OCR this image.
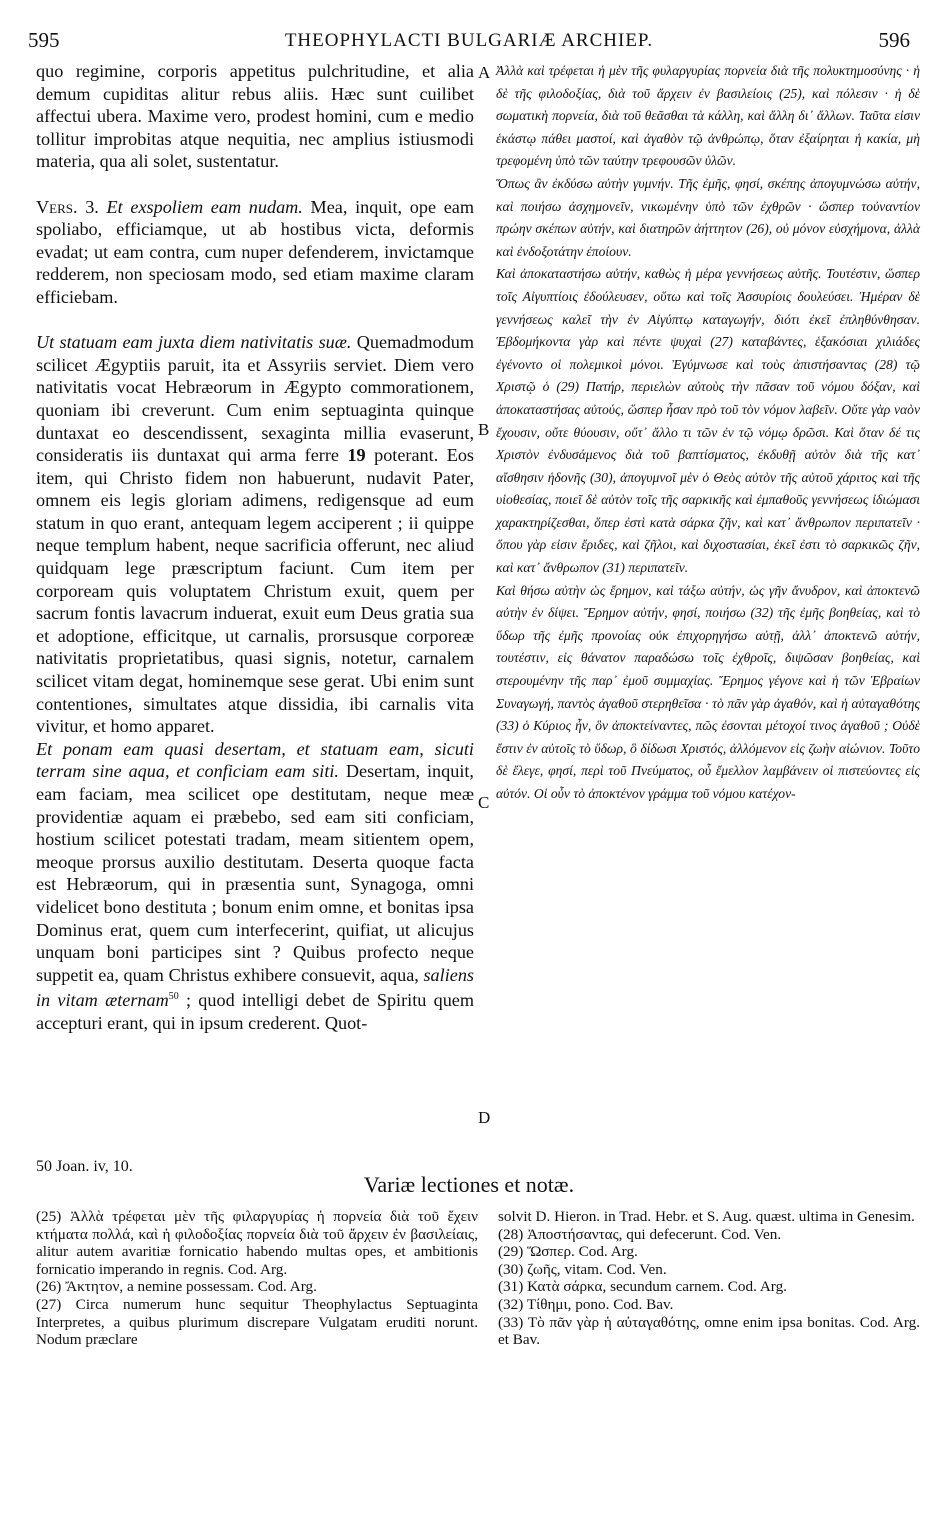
595	THEOPHYLACTI BULGARIÆ ARCHIEP.	596
A
B
C
D

quo regimine, corporis appetitus pulchritudine, et alia demum cupiditas alitur rebus aliis. Hæc sunt cuilibet affectui ubera. Maxime vero, prodest homini, cum e medio tollitur improbitas atque nequitia, nec amplius istiusmodi materia, qua ali solet, sustentatur.

Vers. 3. Et exspoliem eam nudam. Mea, inquit, ope eam spoliabo, efficiamque, ut ab hostibus victa, deformis evadat; ut eam contra, cum nuper defenderem, invictamque redderem, non speciosam modo, sed etiam maxime claram efficiebam.

Ut statuam eam juxta diem nativitatis suæ. Quemadmodum scilicet Ægyptiis paruit, ita et Assyriis serviet. Diem vero nativitatis vocat Hebræorum in Ægypto commorationem, quoniam ibi creverunt. Cum enim septuaginta quinque duntaxat eo descendissent, sexaginta millia evaserunt, consideratis iis duntaxat qui arma ferre 19 poterant. Eos item, qui Christo fidem non habuerunt, nudavit Pater, omnem eis legis gloriam adimens, redigensque ad eum statum in quo erant, antequam legem acciperent ; ii quippe neque templum habent, neque sacrificia offerunt, nec aliud quidquam lege præscriptum faciunt. Cum item per corpoream quis voluptatem Christum exuit, quem per sacrum fontis lavacrum induerat, exuit eum Deus gratia sua et adoptione, efficitque, ut carnalis, prorsusque corporeæ nativitatis proprietatibus, quasi signis, notetur, carnalem scilicet vitam degat, hominemque sese gerat. Ubi enim sunt contentiones, simultates atque dissidia, ibi carnalis vita vivitur, et homo apparet.

Et ponam eam quasi desertam, et statuam eam, sicuti terram sine aqua, et conficiam eam siti. Desertam, inquit, eam faciam, mea scilicet ope destitutam, neque meæ providentiæ aquam ei præbebo, sed eam siti conficiam, hostium scilicet potestati tradam, meam sitientem opem, meoque prorsus auxilio destitutam. Deserta quoque facta est Hebræorum, qui in præsentia sunt, Synagoga, omni videlicet bono destituta ; bonum enim omne, et bonitas ipsa Dominus erat, quem cum interfecerint, quifiat, ut alicujus unquam boni participes sint ? Quibus profecto neque suppetit ea, quam Christus exhibere consuevit, aqua, saliens in vitam æternam$^{50}$ ; quod intelligi debet de Spiritu quem accepturi erant, qui in ipsum crederent. Quot-

Ἀλλὰ καὶ τρέφεται ἡ μὲν τῆς φυλαργυρίας πορνεία διὰ τῆς πολυκτημοσύνης · ἡ δὲ τῆς φιλοδοξίας, διὰ τοῦ ἄρχειν ἐν βασιλείοις (25), καὶ πόλεσιν · ἡ δὲ σωματικὴ πορνεία, διὰ τοῦ θεᾶσθαι τὰ κάλλη, καὶ ἄλλη δι᾽ ἄλλων. Ταῦτα εἰσιν ἑκάστῳ πάθει μαστοί, καὶ ἀγαθὸν τῷ ἀνθρώπῳ, ὅταν ἐξαίρηται ἡ κακία, μὴ τρεφομένη ὑπὸ τῶν ταύτην τρεφουσῶν ὑλῶν.

Ὅπως ἂν ἐκδύσω αὐτὴν γυμνήν. Τῆς ἐμῆς, φησί, σκέπης ἀπογυμνώσω αὐτήν, καὶ ποιήσω ἀσχημονεῖν, νικωμένην ὑπὸ τῶν ἐχθρῶν · ὥσπερ τοὐναντίον πρώην σκέπων αὐτήν, καὶ διατηρῶν ἀήττητον (26), οὐ μόνον εὐσχήμονα, ἀλλὰ καὶ ἐνδοξοτάτην ἐποίουν.

Καὶ ἀποκαταστήσω αὐτήν, καθὼς ἡ μέρα γεννήσεως αὐτῆς. Τουτέστιν, ὥσπερ τοῖς Αἰγυπτίοις ἐδούλευσεν, οὕτω καὶ τοῖς Ἀσσυρίοις δουλεύσει. Ἡμέραν δὲ γεννήσεως καλεῖ τὴν ἐν Αἰγύπτῳ καταγωγήν, διότι ἐκεῖ ἐπληθύνθησαν. Ἑβδομήκοντα γὰρ καὶ πέντε ψυχαὶ (27) καταβάντες, ἑξακόσιαι χιλιάδες ἐγένοντο οἱ πολεμικοὶ μόνοι. Ἐγύμνωσε καὶ τοὺς ἀπιστήσαντας (28) τῷ Χριστῷ ὁ (29) Πατήρ, περιελὼν αὐτοὺς τὴν πᾶσαν τοῦ νόμου δόξαν, καὶ ἀποκαταστήσας αὐτούς, ὥσπερ ἦσαν πρὸ τοῦ τὸν νόμον λαβεῖν. Οὔτε γὰρ ναὸν ἔχουσιν, οὔτε θύουσιν, οὔτ᾽ ἄλλο τι τῶν ἐν τῷ νόμῳ δρῶσι. Καὶ ὅταν δέ τις Χριστὸν ἐνδυσάμενος διὰ τοῦ βαπτίσματος, ἐκδυθῇ αὐτὸν διὰ τῆς κατ᾽ αἴσθησιν ἡδονῆς (30), ἀπογυμνοῖ μὲν ὁ Θεὸς αὐτὸν τῆς αὐτοῦ χάριτος καὶ τῆς υἱοθεσίας, ποιεῖ δὲ αὐτὸν τοῖς τῆς σαρκικῆς καὶ ἐμπαθοῦς γεννήσεως ἰδιώμασι χαρακτηρίζεσθαι, ὅπερ ἐστὶ κατὰ σάρκα ζῆν, καὶ κατ᾽ ἄνθρωπον περιπατεῖν · ὅπου γὰρ εἰσιν ἔριδες, καὶ ζῆλοι, καὶ διχοστασίαι, ἐκεῖ ἐστι τὸ σαρκικῶς ζῆν, καὶ κατ᾽ ἄνθρωπον (31) περιπατεῖν.

Καὶ θήσω αὐτὴν ὡς ἔρημον, καὶ τάξω αὐτήν, ὡς γῆν ἄνυδρον, καὶ ἀποκτενῶ αὐτὴν ἐν δίψει. Ἔρημον αὐτήν, φησί, ποιήσω (32) τῆς ἐμῆς βοηθείας, καὶ τὸ ὕδωρ τῆς ἐμῆς προνοίας οὐκ ἐπιχορηγήσω αὐτῇ, ἀλλ᾽ ἀποκτενῶ αὐτήν, τουτέστιν, εἰς θάνατον παραδώσω τοῖς ἐχθροῖς, διψῶσαν βοηθείας, καὶ στερουμένην τῆς παρ᾽ ἐμοῦ συμμαχίας. Ἔρημος γέγονε καὶ ἡ τῶν Ἑβραίων Συναγωγή, παντὸς ἀγαθοῦ στερηθεῖσα · τὸ πᾶν γὰρ ἀγαθόν, καὶ ἡ αὐταγαθότης (33) ὁ Κύριος ἦν, ὃν ἀποκτείναντες, πῶς ἐσονται μέτοχοί τινος ἀγαθοῦ ; Οὐδὲ ἔστιν ἐν αὐτοῖς τὸ ὕδωρ, ὃ δίδωσι Χριστός, ἀλλόμενον εἰς ζωὴν αἰώνιον. Τοῦτο δὲ ἔλεγε, φησί, περὶ τοῦ Πνεύματος, οὗ ἔμελλον λαμβάνειν οἱ πιστεύοντες εἰς αὐτόν. Οἱ οὖν τὸ ἀποκτένον γράμμα τοῦ νόμου κατέχον-

50 Joan. iv, 10.
Variæ lectiones et notæ.

(25) Ἀλλὰ τρέφεται μὲν τῆς φιλαργυρίας ἡ πορνεία διὰ τοῦ ἔχειν κτήματα πολλά, καὶ ἡ φιλοδοξίας πορνεία διὰ τοῦ ἄρχειν ἐν βασιλείαις, alitur autem avaritiæ fornicatio habendo multas opes, et ambitionis fornicatio imperando in regnis. Cod. Arg.

(26) Ἄκτητον, a nemine possessam. Cod. Arg.

(27) Circa numerum hunc sequitur Theophylactus Septuaginta Interpretes, a quibus plurimum discrepare Vulgatam eruditi norunt. Nodum præclare

solvit D. Hieron. in Trad. Hebr. et S. Aug. quæst. ultima in Genesim.

(28) Ἀποστήσαντας, qui defecerunt. Cod. Ven.

(29) Ὥσπερ. Cod. Arg.

(30) ζωῆς, vitam. Cod. Ven.

(31) Κατὰ σάρκα, secundum carnem. Cod. Arg.

(32) Τίθημι, pono. Cod. Bav.

(33) Τὸ πᾶν γὰρ ἡ αὐταγαθότης, omne enim ipsa bonitas. Cod. Arg. et Bav.
